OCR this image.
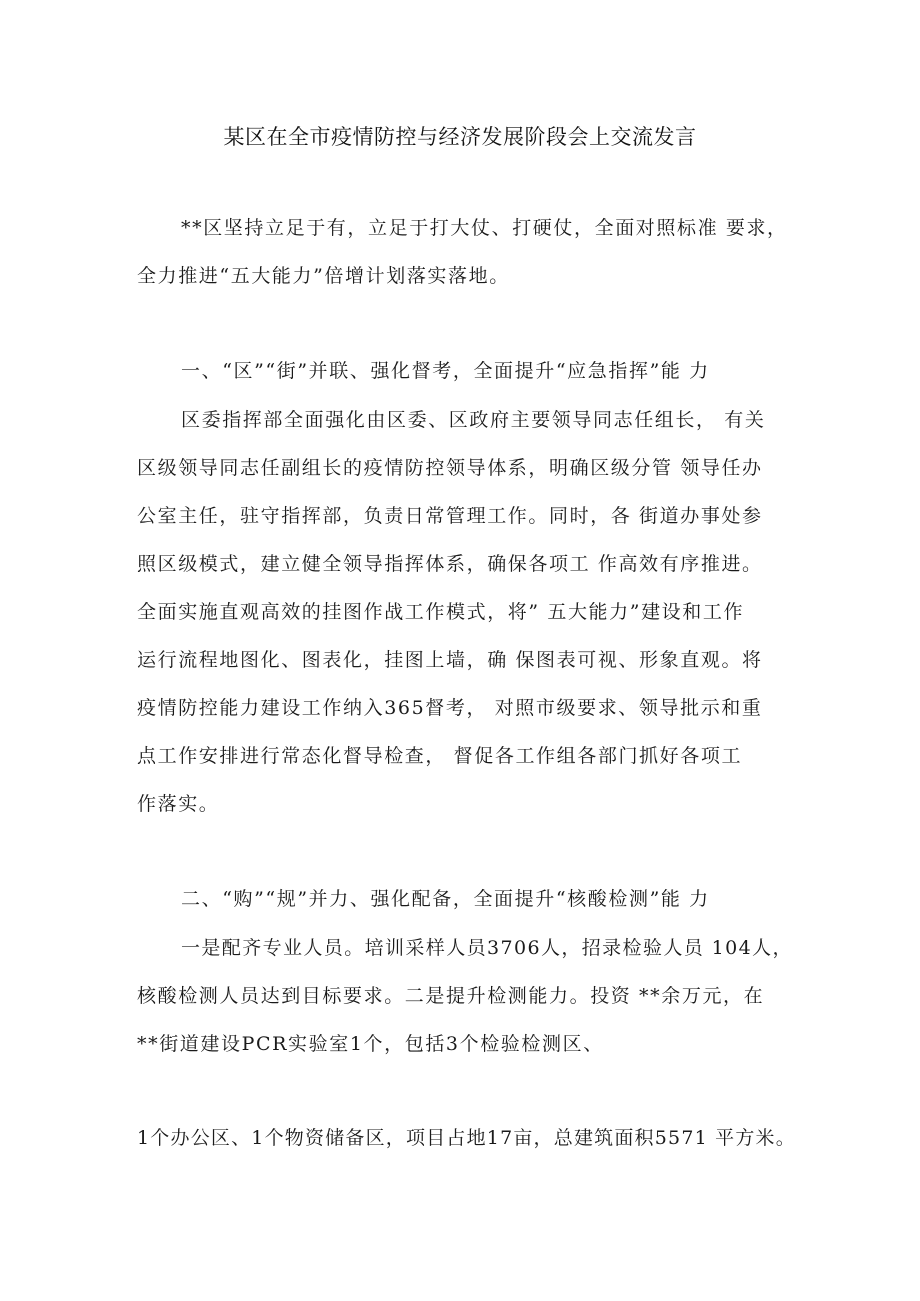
某区在全市疫情防控与经济发展阶段会上交流发言
**区坚持立足于有，立足于打大仗、打硬仗，全面对照标准 要求，
全力推进“五大能力”倍增计划落实落地。
一、“区”“街”并联、强化督考，全面提升“应急指挥”能 力
区委指挥部全面强化由区委、区政府主要领导同志任组长， 有关
区级领导同志任副组长的疫情防控领导体系，明确区级分管 领导任办
公室主任，驻守指挥部，负责日常管理工作。同时，各 街道办事处参
照区级模式，建立健全领导指挥体系，确保各项工 作高效有序推进。
全面实施直观高效的挂图作战工作模式，将” 五大能力”建设和工作
运行流程地图化、图表化，挂图上墙，确 保图表可视、形象直观。将
疫情防控能力建设工作纳入365督考， 对照市级要求、领导批示和重
点工作安排进行常态化督导检查， 督促各工作组各部门抓好各项工
作落实。
二、“购”“规”并力、强化配备，全面提升“核酸检测”能 力
一是配齐专业人员。培训采样人员3706人，招录检验人员 104人，
核酸检测人员达到目标要求。二是提升检测能力。投资 **余万元，在
**街道建设PCR实验室1个，包括3个检验检测区、
1个办公区、1个物资储备区，项目占地17亩，总建筑面积5571 平方米。
